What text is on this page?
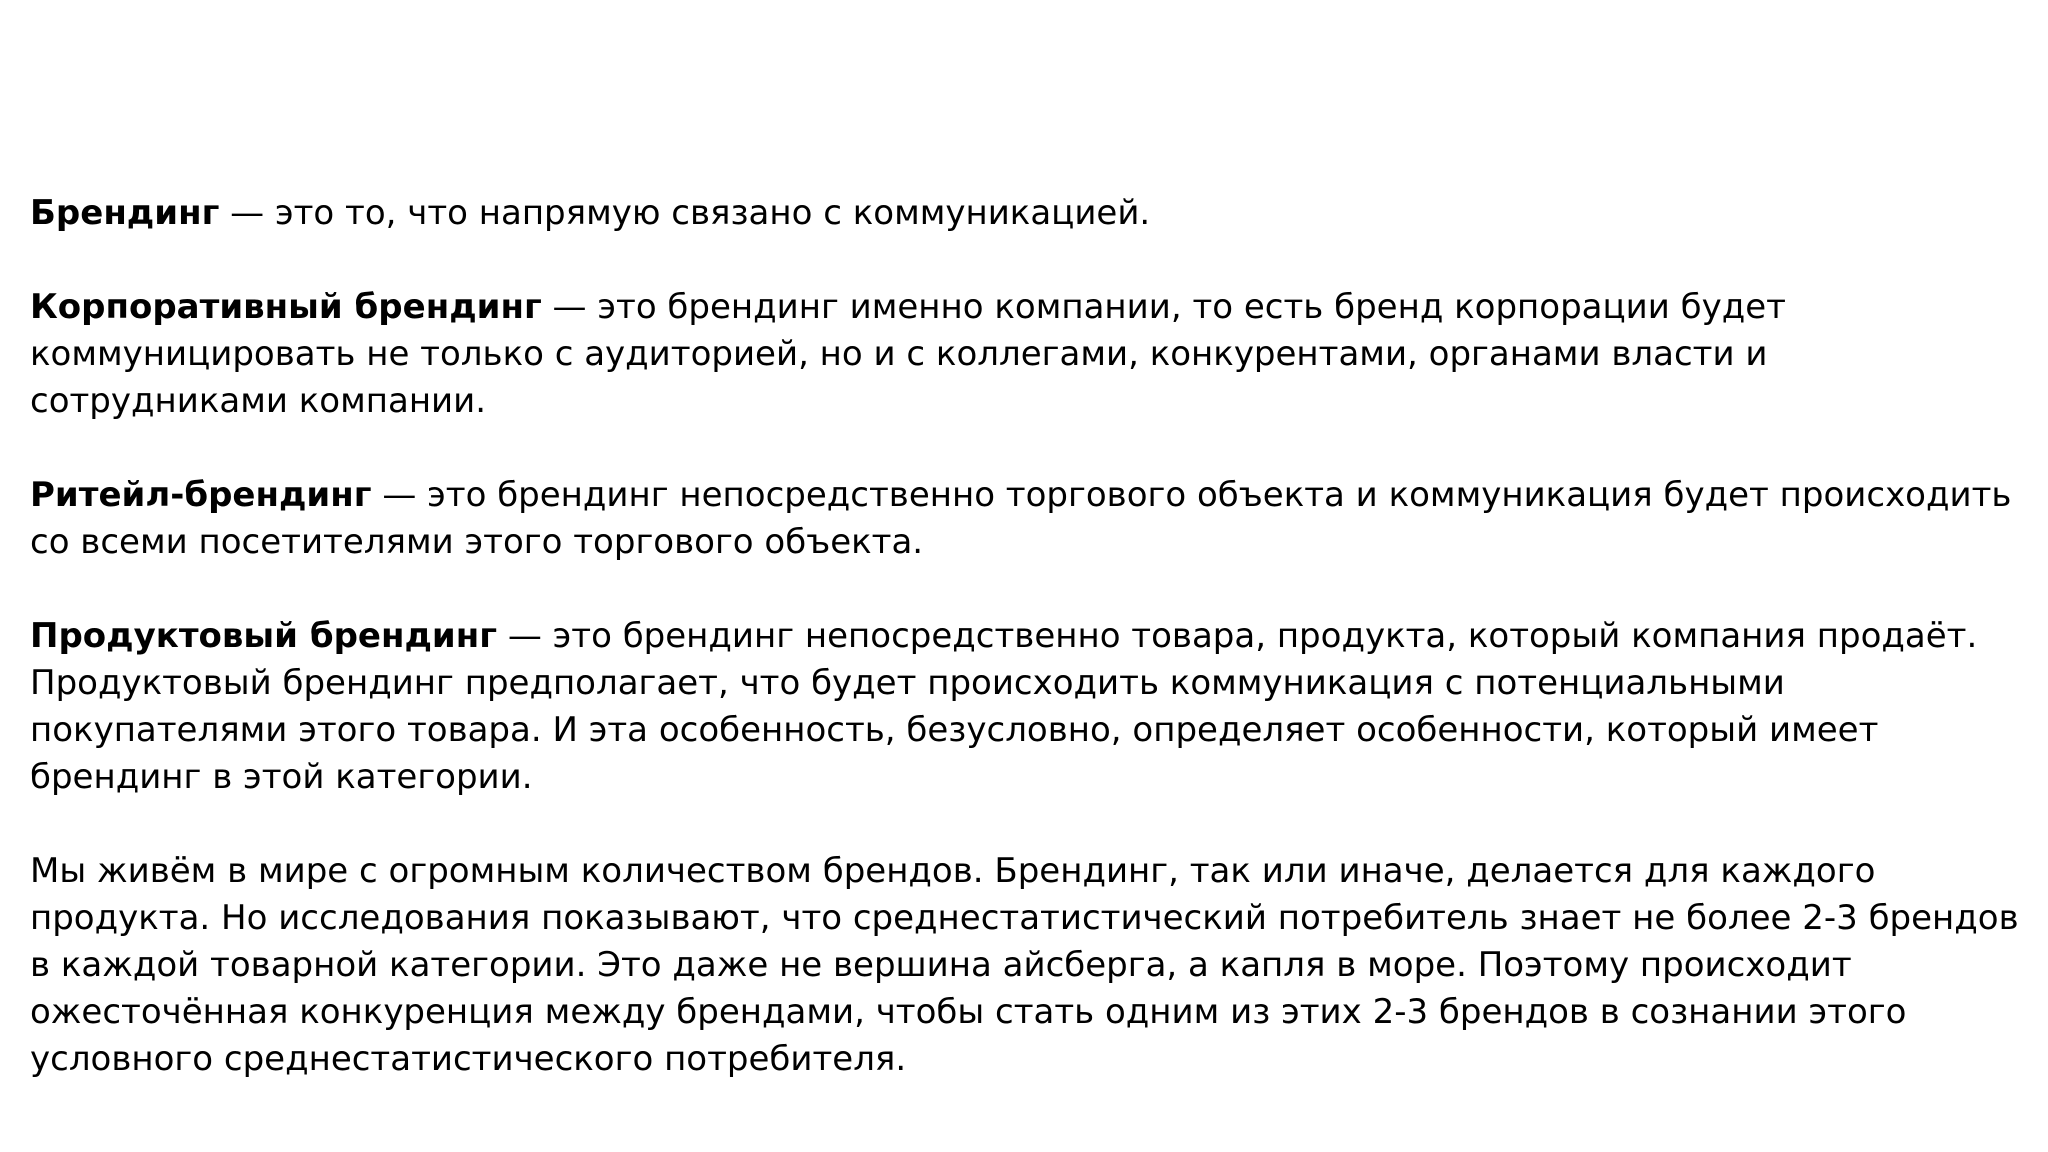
Брендинг — это то, что напрямую связано с коммуникацией.

Корпоративный брендинг — это брендинг именно компании, то есть бренд корпорации будет коммуницировать не только с аудиторией, но и с коллегами, конкурентами, органами власти и сотрудниками компании.

Ритейл-брендинг — это брендинг непосредственно торгового объекта и коммуникация будет происходить со всеми посетителями этого торгового объекта.

Продуктовый брендинг — это брендинг непосредственно товара, продукта, который компания продаёт. Продуктовый брендинг предполагает, что будет происходить коммуникация с потенциальными покупателями этого товара. И эта особенность, безусловно, определяет особенности, который имеет брендинг в этой категории.

Мы живём в мире с огромным количеством брендов. Брендинг, так или иначе, делается для каждого продукта. Но исследования показывают, что среднестатистический потребитель знает не более 2-3 брендов в каждой товарной категории. Это даже не вершина айсберга, а капля в море. Поэтому происходит ожесточённая конкуренция между брендами, чтобы стать одним из этих 2-3 брендов в сознании этого условного среднестатистического потребителя.
